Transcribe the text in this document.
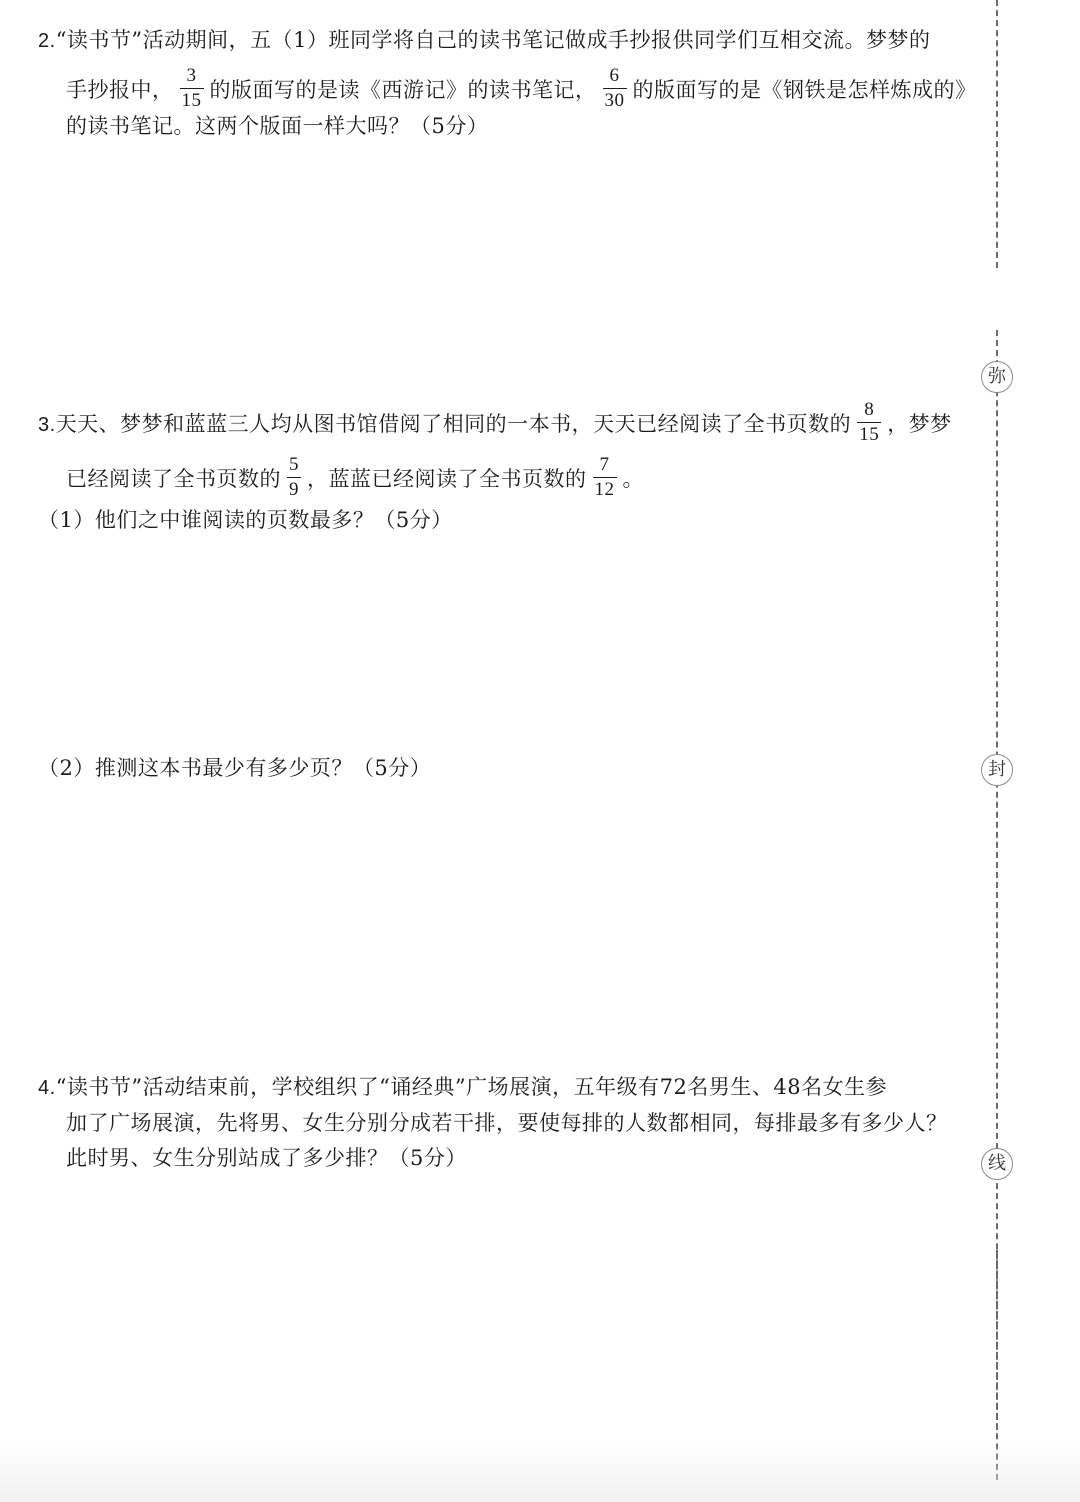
2.“读书节”活动期间，五（1）班同学将自己的读书笔记做成手抄报供同学们互相交流。梦梦的
手抄报中， $\frac{3}{15}$ 的版面写的是读《西游记》的读书笔记， $\frac{6}{30}$ 的版面写的是《钢铁是怎样炼成的》
的读书笔记。这两个版面一样大吗？（5分）
3.天天、梦梦和蓝蓝三人均从图书馆借阅了相同的一本书，天天已经阅读了全书页数的 $\frac{8}{15}$ ，梦梦
已经阅读了全书页数的 $\frac{5}{9}$ ，蓝蓝已经阅读了全书页数的 $\frac{7}{12}$ 。
（1）他们之中谁阅读的页数最多？（5分）
（2）推测这本书最少有多少页？（5分）
4.“读书节”活动结束前，学校组织了“诵经典”广场展演，五年级有72名男生、48名女生参
加了广场展演，先将男、女生分别分成若干排，要使每排的人数都相同，每排最多有多少人？
此时男、女生分别站成了多少排？（5分）
弥
封
线
